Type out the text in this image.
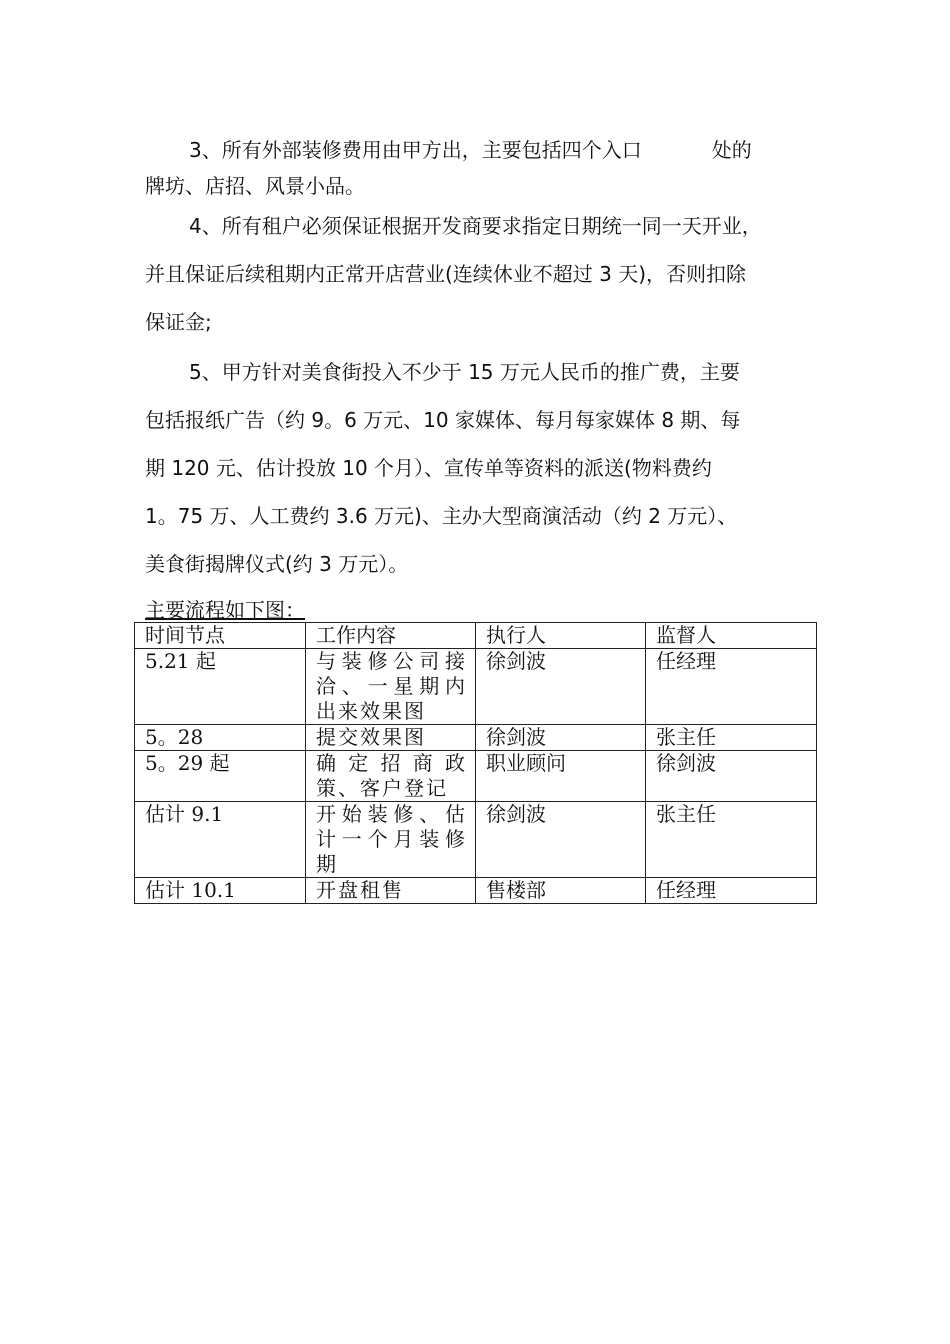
3、所有外部装修费用由甲方出，主要包括四个入口	处的

牌坊、店招、风景小品。

4、所有租户必须保证根据开发商要求指定日期统一同一天开业，
并且保证后续租期内正常开店营业(连续休业不超过 3 天)，否则扣除
保证金;

5、甲方针对美食街投入不少于 15 万元人民币的推广费，主要
包括报纸广告（约 9。6 万元、10 家媒体、每月每家媒体 8 期、每
期 120 元、估计投放 10 个月）、宣传单等资料的派送(物料费约
1。75 万、人工费约 3.6 万元)、主办大型商演活动（约 2 万元）、
美食街揭牌仪式(约 3 万元）。

主要流程如下图：
时间节点	工作内容	执行人	监督人
5.21 起	与装修公司接洽、一星期内出来效果图	徐剑波	任经理
5。28	提交效果图	徐剑波	张主任
5。29 起	确定招商政策、客户登记	职业顾问	徐剑波
估计 9.1	开始装修、估计一个月装修期	徐剑波	张主任
估计 10.1	开盘租售	售楼部	任经理
